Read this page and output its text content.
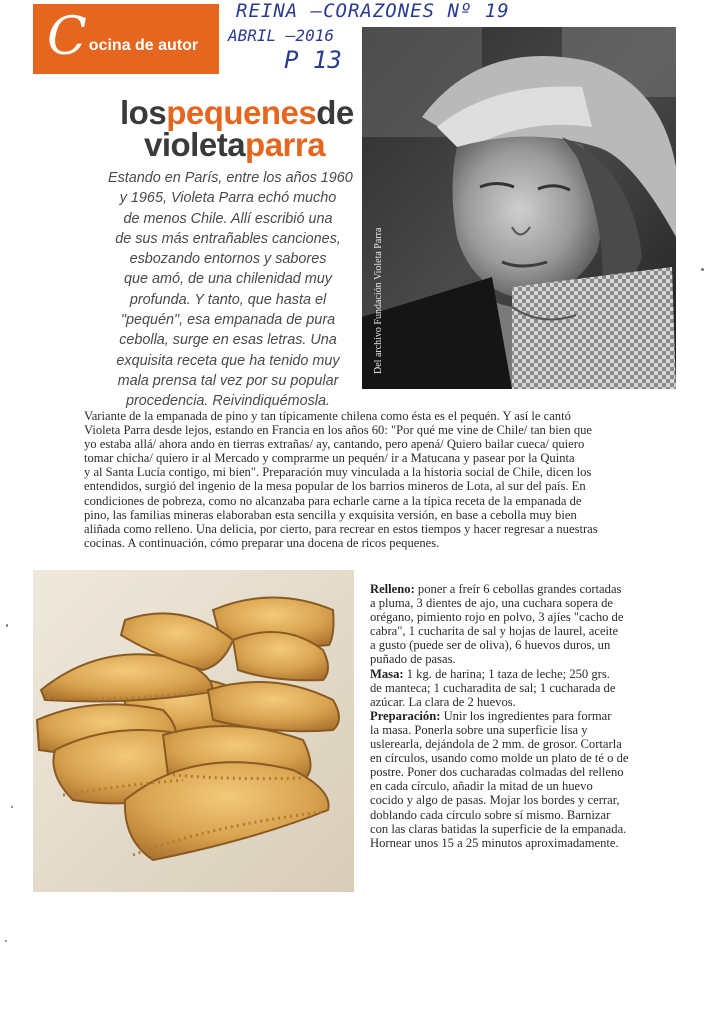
C ocina de autor
REINA –CORAZONES Nº 19
ABRIL –2016
P 13
lospequenesde
violetaparra
Estando en París, entre los años 1960
y 1965, Violeta Parra echó mucho
de menos Chile. Allí escribió una
de sus más entrañables canciones,
esbozando entornos y sabores
que amó, de una chilenidad muy
profunda. Y tanto, que hasta el
"pequén", esa empanada de pura
cebolla, surge en esas letras. Una
exquisita receta que ha tenido muy
mala prensa tal vez por su popular
procedencia. Reivindiquémosla.
Del archivo Fundación Violeta Parra
Variante de la empanada de pino y tan típicamente chilena como ésta es el pequén. Y así le cantó
Violeta Parra desde lejos, estando en Francia en los años 60: "Por qué me vine de Chile/ tan bien que
yo estaba allá/ ahora ando en tierras extrañas/ ay, cantando, pero apená/ Quiero bailar cueca/ quiero
tomar chicha/ quiero ir al Mercado y comprarme un pequén/ ir a Matucana y pasear por la Quinta
y al Santa Lucía contigo, mi bien". Preparación muy vinculada a la historia social de Chile, dicen los
entendidos, surgió del ingenio de la mesa popular de los barrios mineros de Lota, al sur del país. En
condiciones de pobreza, como no alcanzaba para echarle carne a la típica receta de la empanada de
pino, las familias mineras elaboraban esta sencilla y exquisita versión, en base a cebolla muy bien
aliñada como relleno. Una delicia, por cierto, para recrear en estos tiempos y hacer regresar a nuestras
cocinas. A continuación, cómo preparar una docena de ricos pequenes.
Relleno: poner a freír 6 cebollas grandes cortadas
a pluma, 3 dientes de ajo, una cuchara sopera de
orégano, pimiento rojo en polvo, 3 ajíes "cacho de
cabra", 1 cucharita de sal y hojas de laurel, aceite
a gusto (puede ser de oliva), 6 huevos duros, un
puñado de pasas.
Masa: 1 kg. de harina; 1 taza de leche; 250 grs.
de manteca; 1 cucharadita de sal; 1 cucharada de
azúcar. La clara de 2 huevos.
Preparación: Unir los ingredientes para formar
la masa. Ponerla sobre una superficie lisa y
uslerearla, dejándola de 2 mm. de grosor. Cortarla
en círculos, usando como molde un plato de té o de
postre. Poner dos cucharadas colmadas del relleno
en cada círculo, añadir la mitad de un huevo
cocido y algo de pasas. Mojar los bordes y cerrar,
doblando cada círculo sobre sí mismo. Barnizar
con las claras batidas la superficie de la empanada.
Hornear unos 15 a 25 minutos aproximadamente.
